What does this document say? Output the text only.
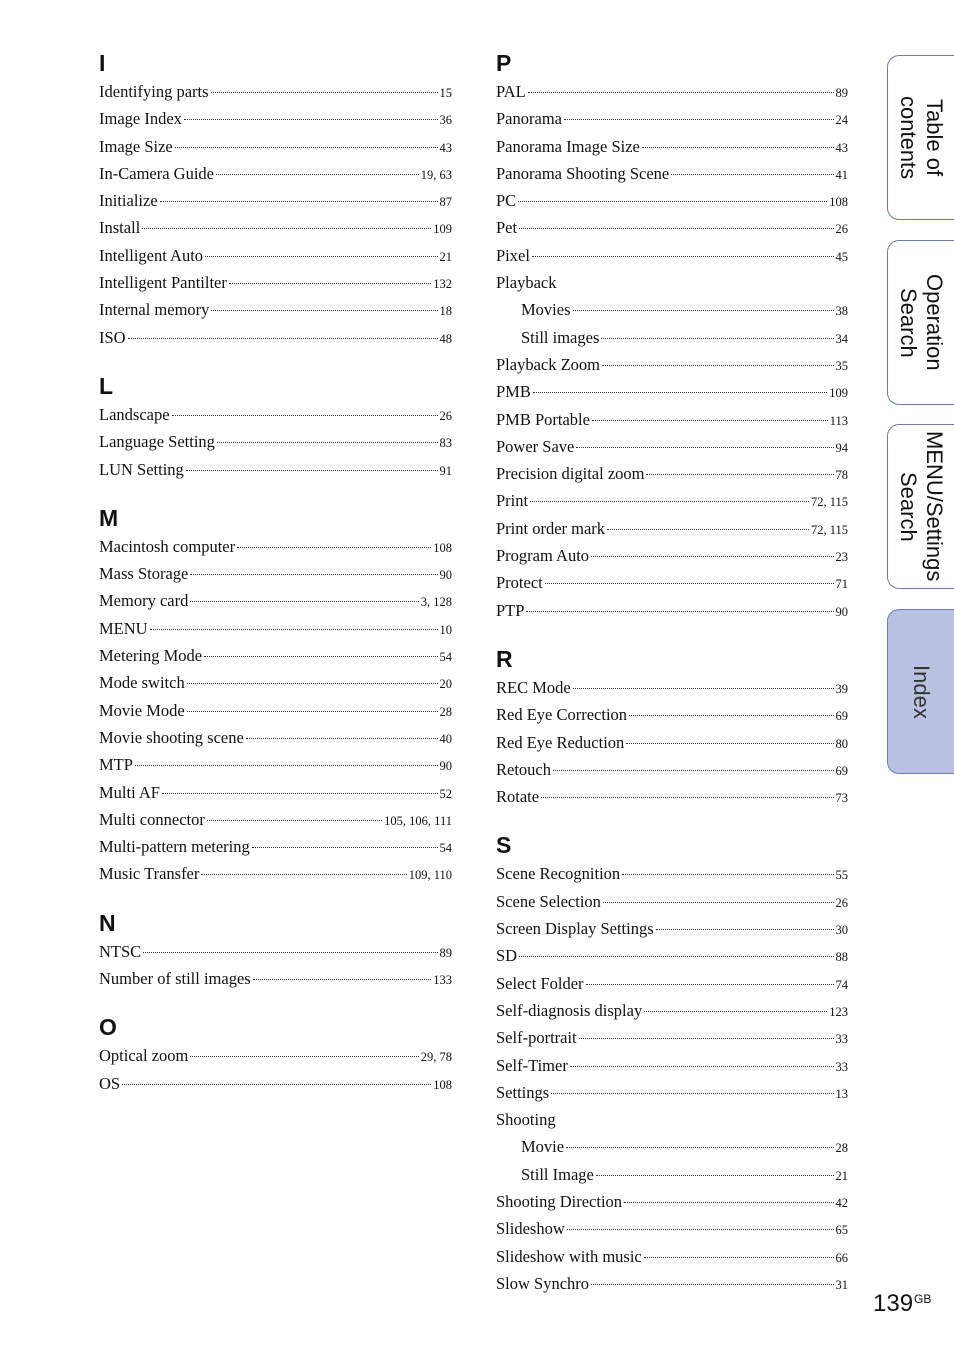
I
Identifying parts	15
Image Index	36
Image Size	43
In-Camera Guide	19, 63
Initialize	87
Install	109
Intelligent Auto	21
Intelligent Pantilter	132
Internal memory	18
ISO	48
L
Landscape	26
Language Setting	83
LUN Setting	91
M
Macintosh computer	108
Mass Storage	90
Memory card	3, 128
MENU	10
Metering Mode	54
Mode switch	20
Movie Mode	28
Movie shooting scene	40
MTP	90
Multi AF	52
Multi connector	105, 106, 111
Multi-pattern metering	54
Music Transfer	109, 110
N
NTSC	89
Number of still images	133
O
Optical zoom	29, 78
OS	108
P
PAL	89
Panorama	24
Panorama Image Size	43
Panorama Shooting Scene	41
PC	108
Pet	26
Pixel	45
Playback
Movies	38
Still images	34
Playback Zoom	35
PMB	109
PMB Portable	113
Power Save	94
Precision digital zoom	78
Print	72, 115
Print order mark	72, 115
Program Auto	23
Protect	71
PTP	90
R
REC Mode	39
Red Eye Correction	69
Red Eye Reduction	80
Retouch	69
Rotate	73
S
Scene Recognition	55
Scene Selection	26
Screen Display Settings	30
SD	88
Select Folder	74
Self-diagnosis display	123
Self-portrait	33
Self-Timer	33
Settings	13
Shooting
Movie	28
Still Image	21
Shooting Direction	42
Slideshow	65
Slideshow with music	66
Slow Synchro	31
Table of
contents
Operation
Search
MENU/Settings
Search
Index
$139^{GB}$
